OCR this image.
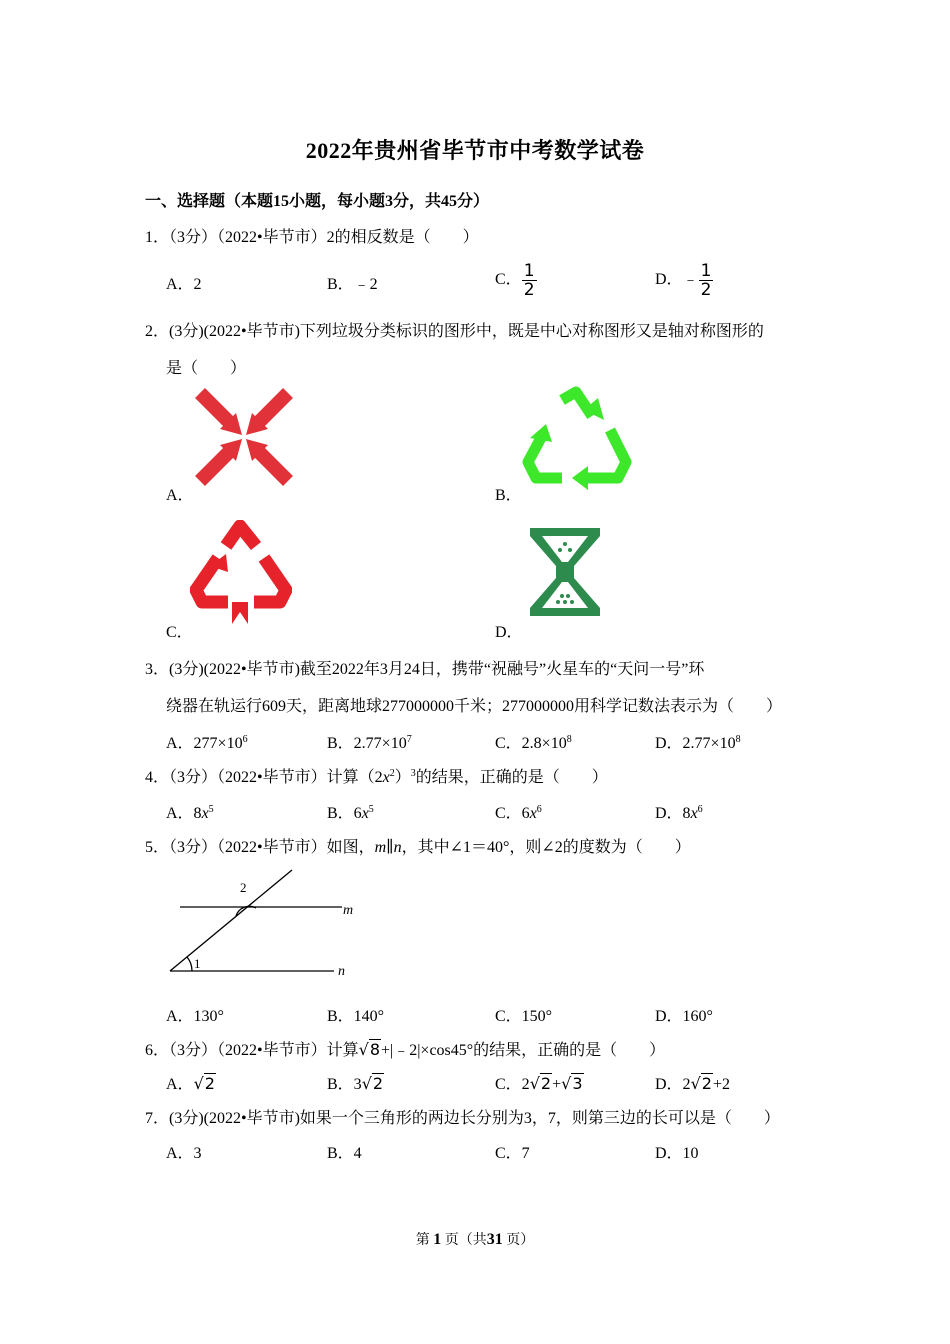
2022年贵州省毕节市中考数学试卷
一、选择题（本题15小题，每小题3分，共45分）
1．（3分）（2022•毕节市）2的相反数是（　　）
A．2	B．﹣2	C． $\frac{1}{2}$	D．﹣ $\frac{1}{2}$
2．(3分)(2022•毕节市)下列垃圾分类标识的图形中，既是中心对称图形又是轴对称图形的
是（　　）
A．	B．
C．	D．
3．(3分)(2022•毕节市)截至2022年3月24日，携带“祝融号”火星车的“天问一号”环
绕器在轨运行609天，距离地球277000000千米；277000000用科学记数法表示为（　　）
A．$277\times 10^6$	B．$2.77\times 10^7$	C．$2.8\times 10^8$	D．$2.77\times 10^8$
4．（3分）（2022•毕节市）计算$(2x^2)^3$的结果，正确的是（　　）
A．$8x^5$	B．$6x^5$	C．$6x^6$	D．$8x^6$
5．（3分）（2022•毕节市）如图，m∥n，其中∠1＝40°，则∠2的度数为（　　）
2
1
m
n
A．130°	B．140°	C．150°	D．160°
6．（3分）（2022•毕节市）计算√8+|﹣2|×cos45°的结果，正确的是（　　）
A．√2	B．3√2	C．2√2+√3	D．2√2+2
7．(3分)(2022•毕节市)如果一个三角形的两边长分别为3，7，则第三边的长可以是（　　）
A．3	B．4	C．7	D．10
第 1 页（共31 页）
